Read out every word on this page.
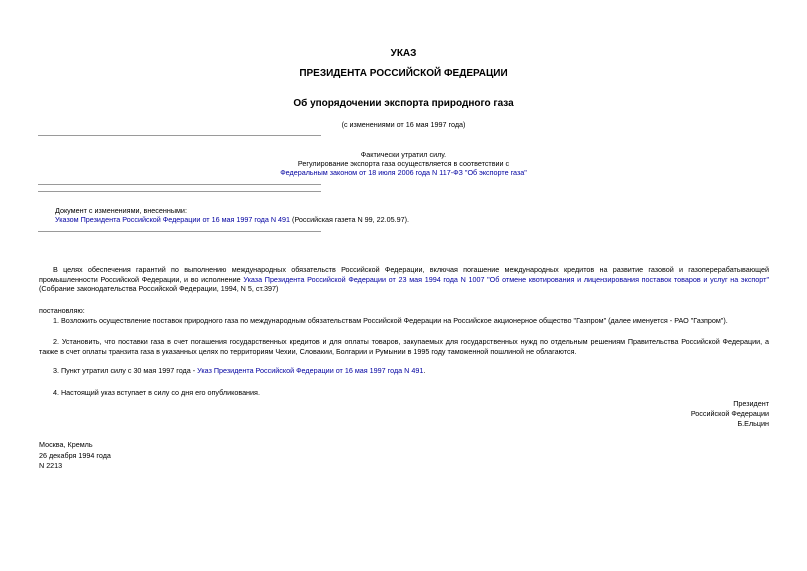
УКАЗ
ПРЕЗИДЕНТА РОССИЙСКОЙ ФЕДЕРАЦИИ
Об упорядочении экспорта природного газа
(с изменениями от 16 мая 1997 года)
Фактически утратил силу.
Регулирование экспорта газа осуществляется в соответствии с
Федеральным законом от 18 июля 2006 года N 117-ФЗ "Об экспорте газа"
Документ с изменениями, внесенными:
Указом Президента Российской Федерации от 16 мая 1997 года N 491 (Российская газета N 99, 22.05.97).
В целях обеспечения гарантий по выполнению международных обязательств Российской Федерации, включая погашение международных кредитов на развитие газовой и газоперерабатывающей промышленности Российской Федерации, и во исполнение Указа Президента Российской Федерации от 23 мая 1994 года N 1007 "Об отмене квотирования и лицензирования поставок товаров и услуг на экспорт" (Собрание законодательства Российской Федерации, 1994, N 5, ст.397)
постановляю:
1. Возложить осуществление поставок природного газа по международным обязательствам Российской Федерации на Российское акционерное общество "Газпром" (далее именуется - РАО "Газпром").
2. Установить, что поставки газа в счет погашения государственных кредитов и для оплаты товаров, закупаемых для государственных нужд по отдельным решениям Правительства Российской Федерации, а также в счет оплаты транзита газа в указанных целях по территориям Чехии, Словакии, Болгарии и Румынии в 1995 году таможенной пошлиной не облагаются.
3. Пункт утратил силу с 30 мая 1997 года - Указ Президента Российской Федерации от 16 мая 1997 года N 491.
4. Настоящий указ вступает в силу со дня его опубликования.
Президент
Российской Федерации
Б.Ельцин
Москва, Кремль
26 декабря 1994 года
N 2213
